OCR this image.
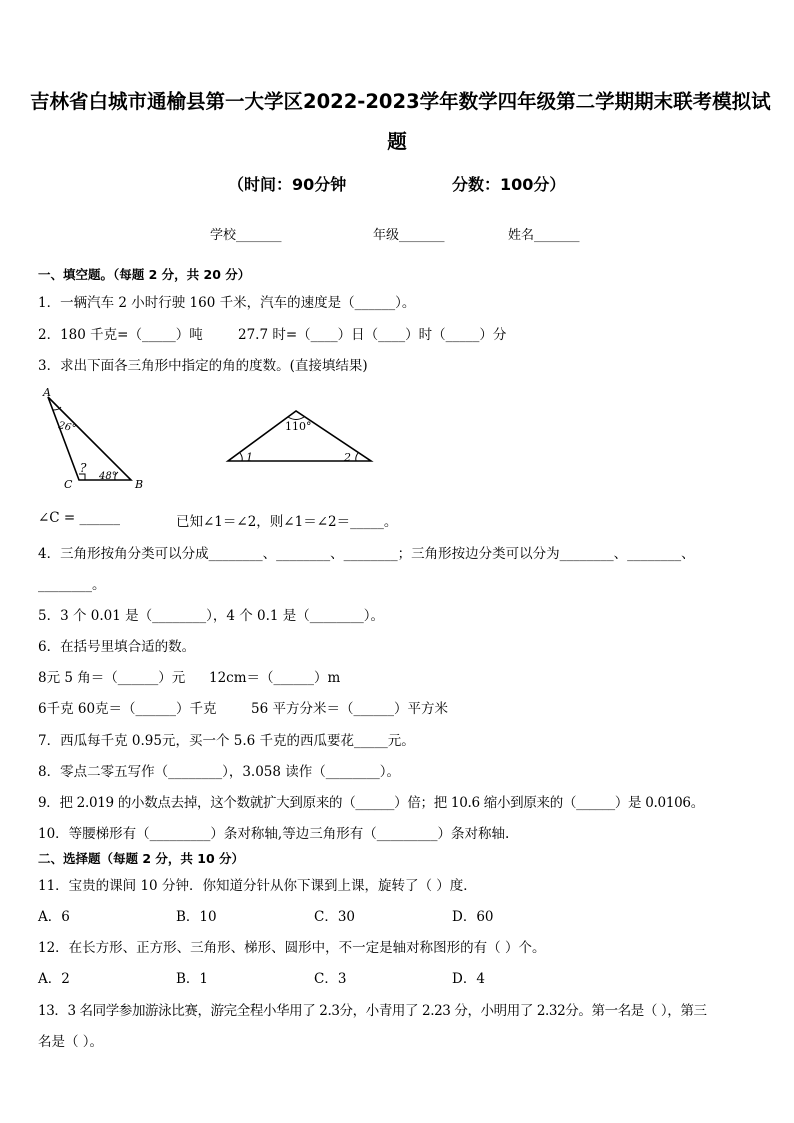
吉林省白城市通榆县第一大学区2022-2023学年数学四年级第二学期期末联考模拟试
题
（时间：90分钟	分数：100分）
学校_______	年级_______	姓名_______
一、填空题。（每题 2 分，共 20 分）
1．一辆汽车 2 小时行驶 160 千米，汽车的速度是（______）。
2．180 千克=（_____）吨	27.7 时=（____）日（____）时（_____）分
3．求出下面各三角形中指定的角的度数。(直接填结果)
A
B
C
26°
48°
?
110°
1	2
∠C = ______	已知∠1＝∠2，则∠1＝∠2＝_____。
4．三角形按角分类可以分成________、________、________；三角形按边分类可以分为________、________、
________。
5．3 个 0.01 是（________），4 个 0.1 是（________）。
6．在括号里填合适的数。
8元 5 角＝（______）元 12cm＝（______）m
6千克 60克＝（______）千克	56 平方分米＝（______）平方米
7．西瓜每千克 0.95元，买一个 5.6 千克的西瓜要花_____元。
8．零点二零五写作（________），3.058 读作（________）。
9．把 2.019 的小数点去掉，这个数就扩大到原来的（______）倍；把 10.6 缩小到原来的（______）是 0.0106。
10．等腰梯形有（_________）条对称轴,等边三角形有（_________）条对称轴.
二、选择题（每题 2 分，共 10 分）
11．宝贵的课间 10 分钟．你知道分针从你下课到上课，旋转了（ ）度．
A．6	B．10	C．30	D．60
12．在长方形、正方形、三角形、梯形、圆形中，不一定是轴对称图形的有（ ）个。
A．2	B．1	C．3	D．4
13．3 名同学参加游泳比赛，游完全程小华用了 2.3分，小青用了 2.23 分，小明用了 2.32分。第一名是（ ），第三
名是（ ）。
